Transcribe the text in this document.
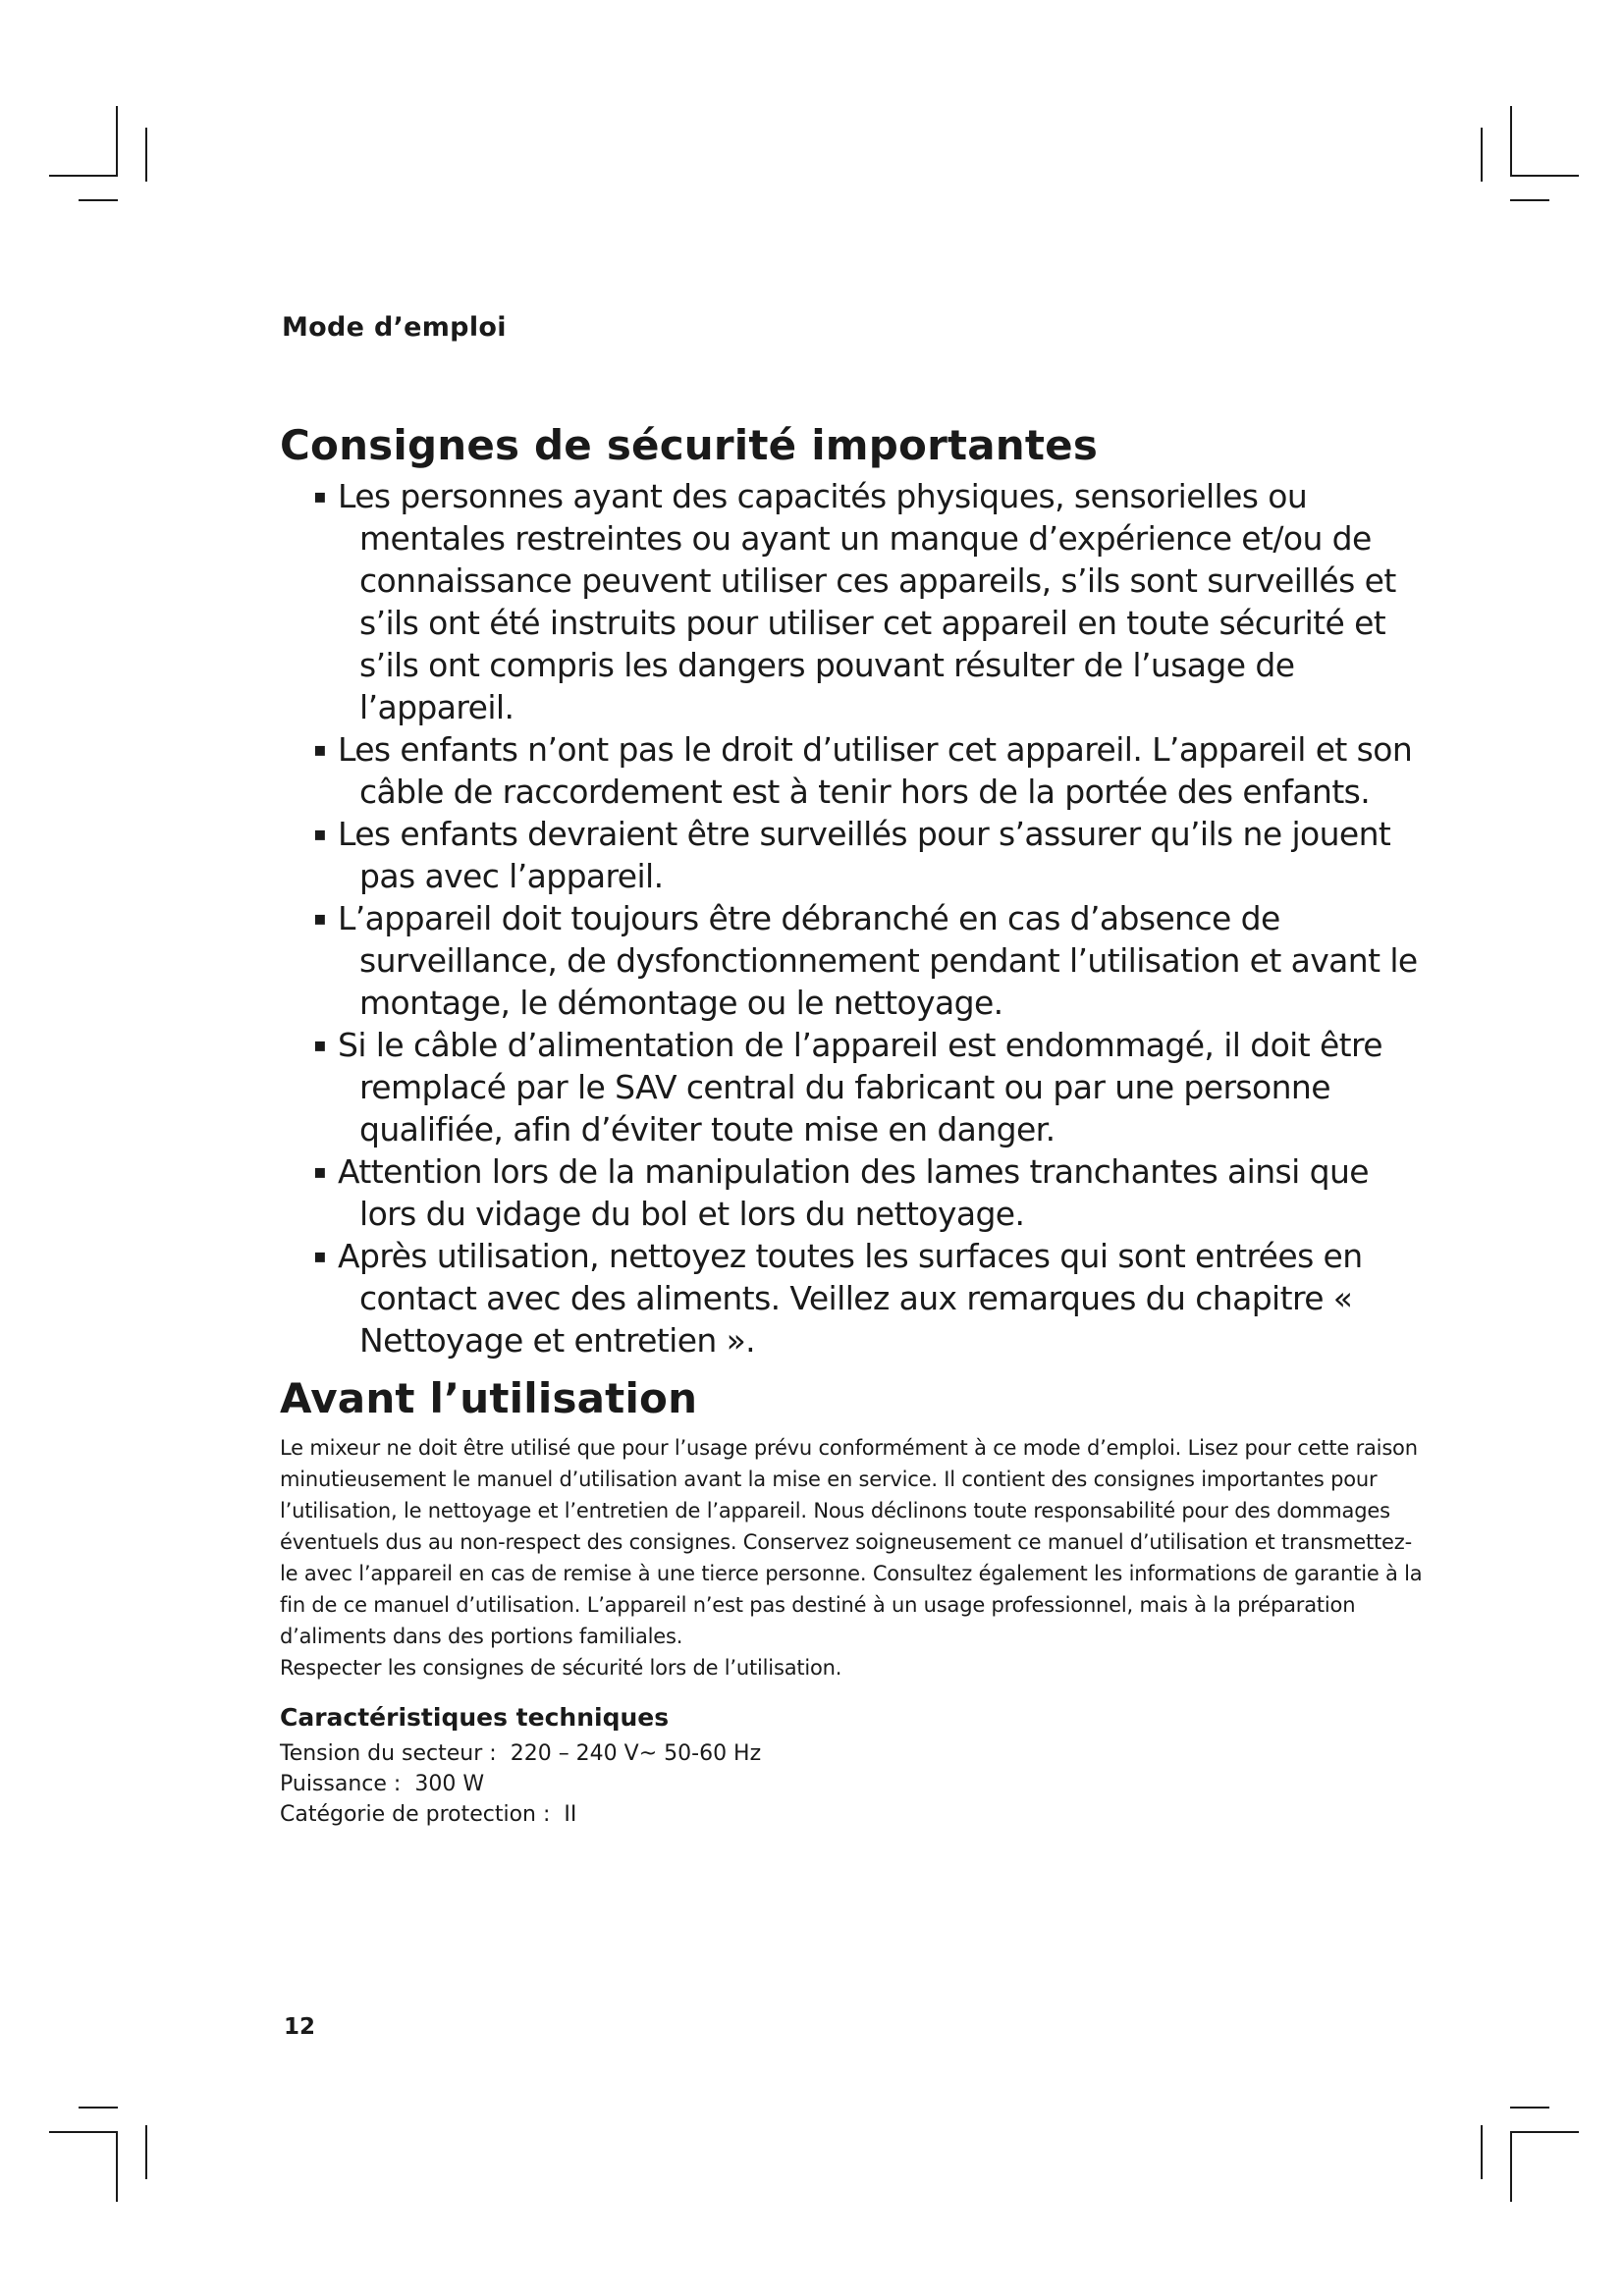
Mode d’emploi
Consignes de sécurité importantes
▪ Les personnes ayant des capacités physiques, sensorielles ou mentales restreintes ou ayant un manque d’expérience et/ou de connaissance peuvent utiliser ces appareils, s’ils sont surveillés et s’ils ont été instruits pour utiliser cet appareil en toute sécurité et s’ils ont compris les dangers pouvant résulter de l’usage de l’appareil.
▪ Les enfants n’ont pas le droit d’utiliser cet appareil. L’appareil et son câble de raccordement est à tenir hors de la portée des enfants.
▪ Les enfants devraient être surveillés pour s’assurer qu’ils ne jouent pas avec l’appareil.
▪ L’appareil doit toujours être débranché en cas d’absence de surveillance, de dysfonctionnement pendant l’utilisation et avant le montage, le démontage ou le nettoyage.
▪ Si le câble d’alimentation de l’appareil est endommagé, il doit être remplacé par le SAV central du fabricant ou par une personne qualifiée, afin d’éviter toute mise en danger.
▪ Attention lors de la manipulation des lames tranchantes ainsi que lors du vidage du bol et lors du nettoyage.
▪ Après utilisation, nettoyez toutes les surfaces qui sont entrées en contact avec des aliments. Veillez aux remarques du chapitre « Nettoyage et entretien ».
Avant l’utilisation

Le mixeur ne doit être utilisé que pour l’usage prévu conformément à ce mode d’emploi. Lisez pour cette raison minutieusement le manuel d’utilisation avant la mise en service. Il contient des consignes importantes pour l’utilisation, le nettoyage et l’entretien de l’appareil. Nous déclinons toute responsabilité pour des dommages éventuels dus au non-respect des consignes. Conservez soigneusement ce manuel d’utilisation et transmettez-le avec l’appareil en cas de remise à une tierce personne. Consultez également les informations de garantie à la fin de ce manuel d’utilisation. L’appareil n’est pas destiné à un usage professionnel, mais à la préparation d’aliments dans des portions familiales.

Respecter les consignes de sécurité lors de l’utilisation.

Caractéristiques techniques
Tension du secteur : 220 – 240 V~ 50-60 Hz
Puissance : 300 W
Catégorie de protection : II
12
